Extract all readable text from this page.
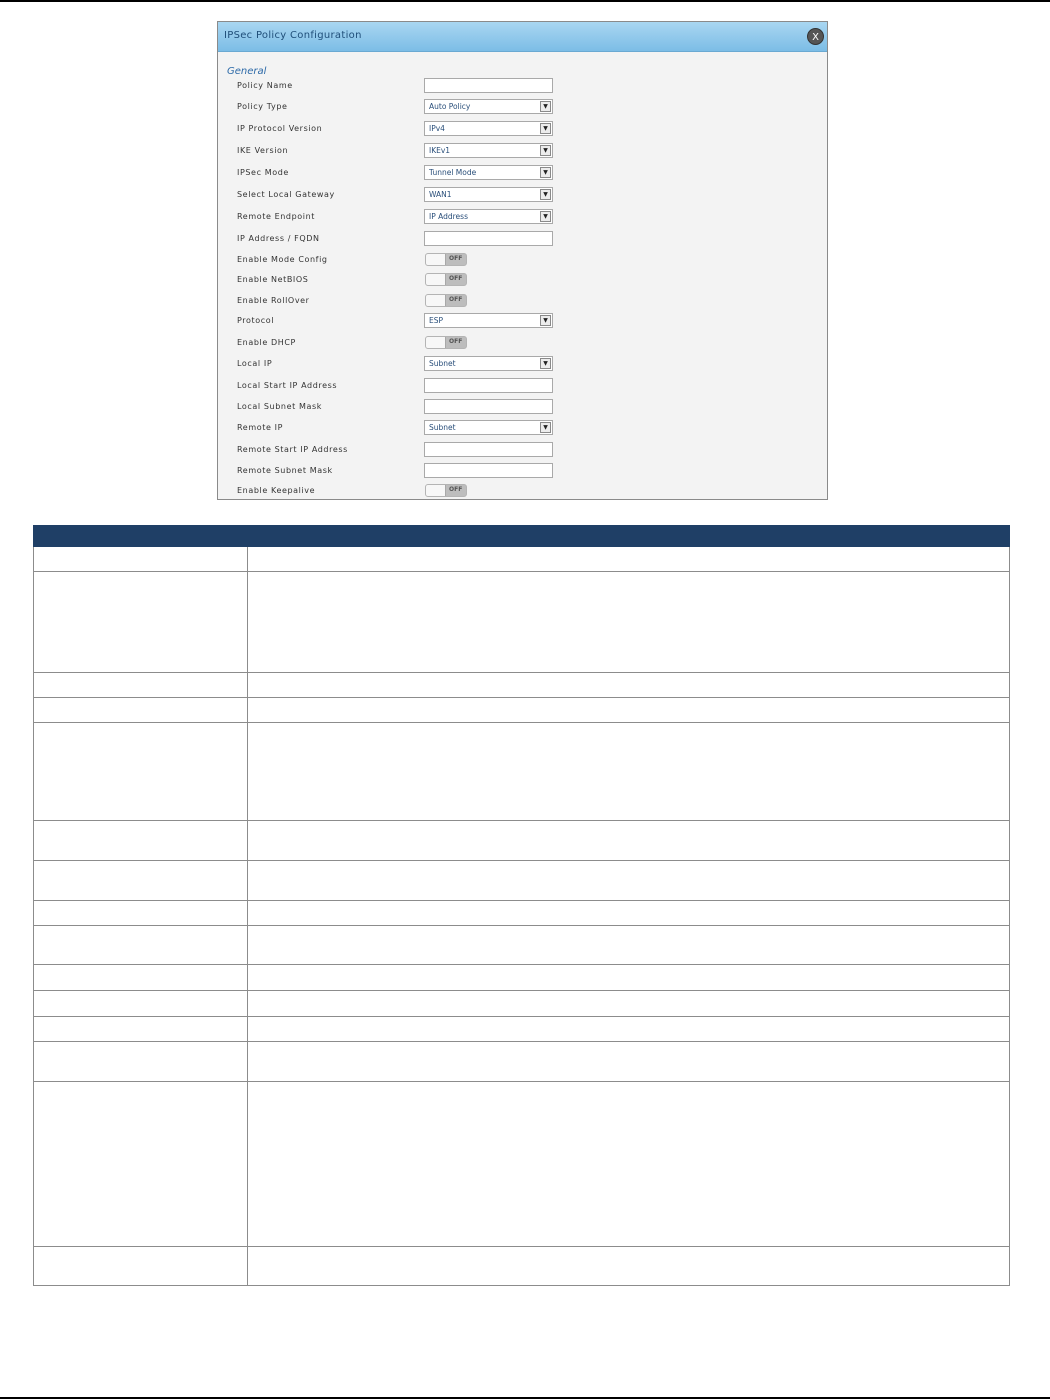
IPSec Policy Configuration	X
General
Policy Name
Policy Type	Auto Policy	▼
IP Protocol Version	IPv4	▼
IKE Version	IKEv1	▼
IPSec Mode	Tunnel Mode	▼
Select Local Gateway	WAN1	▼
Remote Endpoint	IP Address	▼
IP Address / FQDN
Enable Mode Config	OFF
Enable NetBIOS	OFF
Enable RollOver	OFF
Protocol	ESP	▼
Enable DHCP	OFF
Local IP	Subnet	▼
Local Start IP Address
Local Subnet Mask
Remote IP	Subnet	▼
Remote Start IP Address
Remote Subnet Mask
Enable Keepalive	OFF
